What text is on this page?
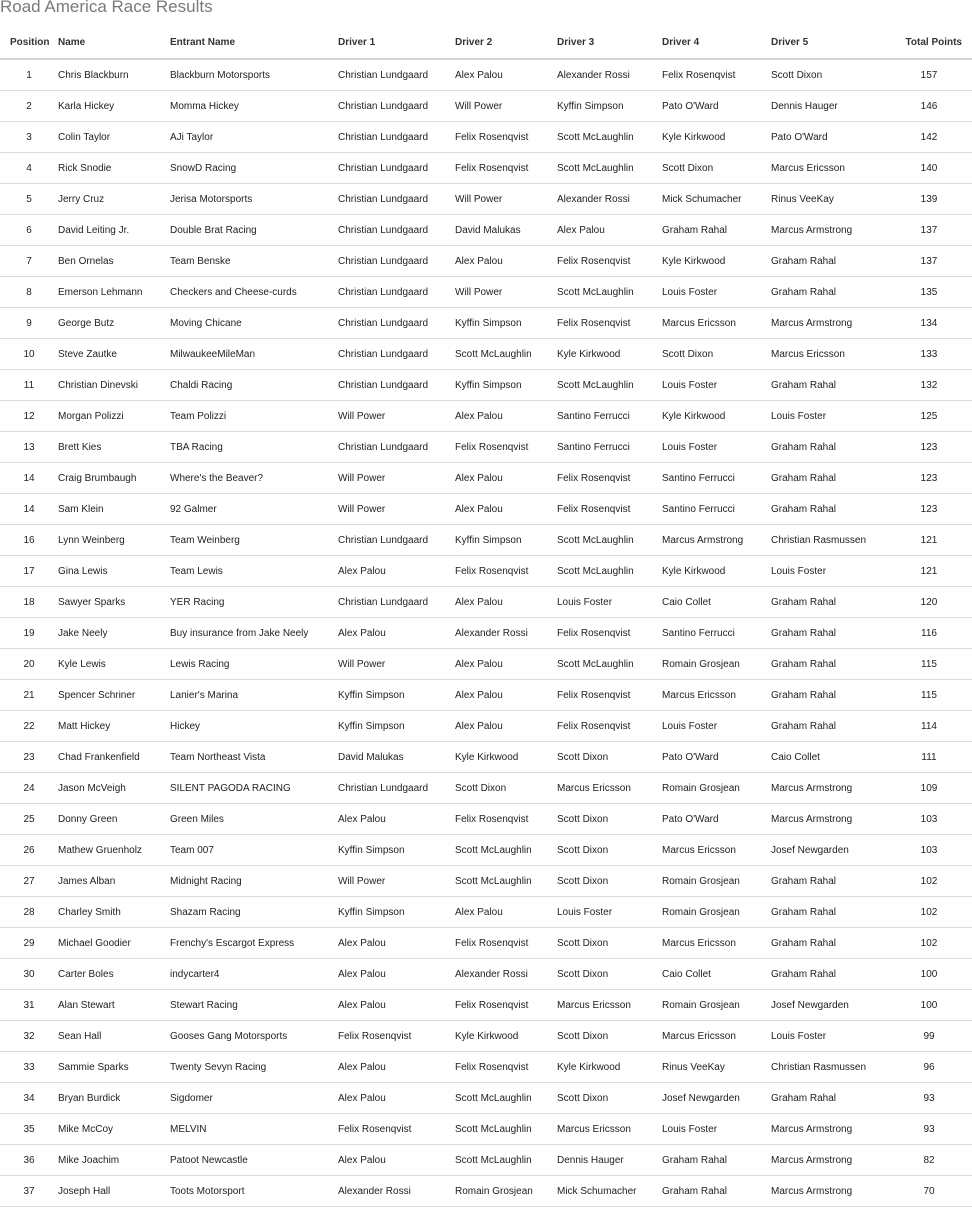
Road America Race Results
Position	Name	Entrant Name	Driver 1	Driver 2	Driver 3	Driver 4	Driver 5	Total Points
1	Chris Blackburn	Blackburn Motorsports	Christian Lundgaard	Alex Palou	Alexander Rossi	Felix Rosenqvist	Scott Dixon	157
2	Karla Hickey	Momma Hickey	Christian Lundgaard	Will Power	Kyffin Simpson	Pato O'Ward	Dennis Hauger	146
3	Colin Taylor	AJi Taylor	Christian Lundgaard	Felix Rosenqvist	Scott McLaughlin	Kyle Kirkwood	Pato O'Ward	142
4	Rick Snodie	SnowD Racing	Christian Lundgaard	Felix Rosenqvist	Scott McLaughlin	Scott Dixon	Marcus Ericsson	140
5	Jerry Cruz	Jerisa Motorsports	Christian Lundgaard	Will Power	Alexander Rossi	Mick Schumacher	Rinus VeeKay	139
6	David Leiting Jr.	Double Brat Racing	Christian Lundgaard	David Malukas	Alex Palou	Graham Rahal	Marcus Armstrong	137
7	Ben Ornelas	Team Benske	Christian Lundgaard	Alex Palou	Felix Rosenqvist	Kyle Kirkwood	Graham Rahal	137
8	Emerson Lehmann	Checkers and Cheese-curds	Christian Lundgaard	Will Power	Scott McLaughlin	Louis Foster	Graham Rahal	135
9	George Butz	Moving Chicane	Christian Lundgaard	Kyffin Simpson	Felix Rosenqvist	Marcus Ericsson	Marcus Armstrong	134
10	Steve Zautke	MilwaukeeMileMan	Christian Lundgaard	Scott McLaughlin	Kyle Kirkwood	Scott Dixon	Marcus Ericsson	133
11	Christian Dinevski	Chaldi Racing	Christian Lundgaard	Kyffin Simpson	Scott McLaughlin	Louis Foster	Graham Rahal	132
12	Morgan Polizzi	Team Polizzi	Will Power	Alex Palou	Santino Ferrucci	Kyle Kirkwood	Louis Foster	125
13	Brett Kies	TBA Racing	Christian Lundgaard	Felix Rosenqvist	Santino Ferrucci	Louis Foster	Graham Rahal	123
14	Craig Brumbaugh	Where's the Beaver?	Will Power	Alex Palou	Felix Rosenqvist	Santino Ferrucci	Graham Rahal	123
14	Sam Klein	92 Galmer	Will Power	Alex Palou	Felix Rosenqvist	Santino Ferrucci	Graham Rahal	123
16	Lynn Weinberg	Team Weinberg	Christian Lundgaard	Kyffin Simpson	Scott McLaughlin	Marcus Armstrong	Christian Rasmussen	121
17	Gina Lewis	Team Lewis	Alex Palou	Felix Rosenqvist	Scott McLaughlin	Kyle Kirkwood	Louis Foster	121
18	Sawyer Sparks	YER Racing	Christian Lundgaard	Alex Palou	Louis Foster	Caio Collet	Graham Rahal	120
19	Jake Neely	Buy insurance from Jake Neely	Alex Palou	Alexander Rossi	Felix Rosenqvist	Santino Ferrucci	Graham Rahal	116
20	Kyle Lewis	Lewis Racing	Will Power	Alex Palou	Scott McLaughlin	Romain Grosjean	Graham Rahal	115
21	Spencer Schriner	Lanier's Marina	Kyffin Simpson	Alex Palou	Felix Rosenqvist	Marcus Ericsson	Graham Rahal	115
22	Matt Hickey	Hickey	Kyffin Simpson	Alex Palou	Felix Rosenqvist	Louis Foster	Graham Rahal	114
23	Chad Frankenfield	Team Northeast Vista	David Malukas	Kyle Kirkwood	Scott Dixon	Pato O'Ward	Caio Collet	111
24	Jason McVeigh	SILENT PAGODA RACING	Christian Lundgaard	Scott Dixon	Marcus Ericsson	Romain Grosjean	Marcus Armstrong	109
25	Donny Green	Green Miles	Alex Palou	Felix Rosenqvist	Scott Dixon	Pato O'Ward	Marcus Armstrong	103
26	Mathew Gruenholz	Team 007	Kyffin Simpson	Scott McLaughlin	Scott Dixon	Marcus Ericsson	Josef Newgarden	103
27	James Alban	Midnight Racing	Will Power	Scott McLaughlin	Scott Dixon	Romain Grosjean	Graham Rahal	102
28	Charley Smith	Shazam Racing	Kyffin Simpson	Alex Palou	Louis Foster	Romain Grosjean	Graham Rahal	102
29	Michael Goodier	Frenchy's Escargot Express	Alex Palou	Felix Rosenqvist	Scott Dixon	Marcus Ericsson	Graham Rahal	102
30	Carter Boles	indycarter4	Alex Palou	Alexander Rossi	Scott Dixon	Caio Collet	Graham Rahal	100
31	Alan Stewart	Stewart Racing	Alex Palou	Felix Rosenqvist	Marcus Ericsson	Romain Grosjean	Josef Newgarden	100
32	Sean Hall	Gooses Gang Motorsports	Felix Rosenqvist	Kyle Kirkwood	Scott Dixon	Marcus Ericsson	Louis Foster	99
33	Sammie Sparks	Twenty Sevyn Racing	Alex Palou	Felix Rosenqvist	Kyle Kirkwood	Rinus VeeKay	Christian Rasmussen	96
34	Bryan Burdick	Sigdomer	Alex Palou	Scott McLaughlin	Scott Dixon	Josef Newgarden	Graham Rahal	93
35	Mike McCoy	MELVIN	Felix Rosenqvist	Scott McLaughlin	Marcus Ericsson	Louis Foster	Marcus Armstrong	93
36	Mike Joachim	Patoot Newcastle	Alex Palou	Scott McLaughlin	Dennis Hauger	Graham Rahal	Marcus Armstrong	82
37	Joseph Hall	Toots Motorsport	Alexander Rossi	Romain Grosjean	Mick Schumacher	Graham Rahal	Marcus Armstrong	70
